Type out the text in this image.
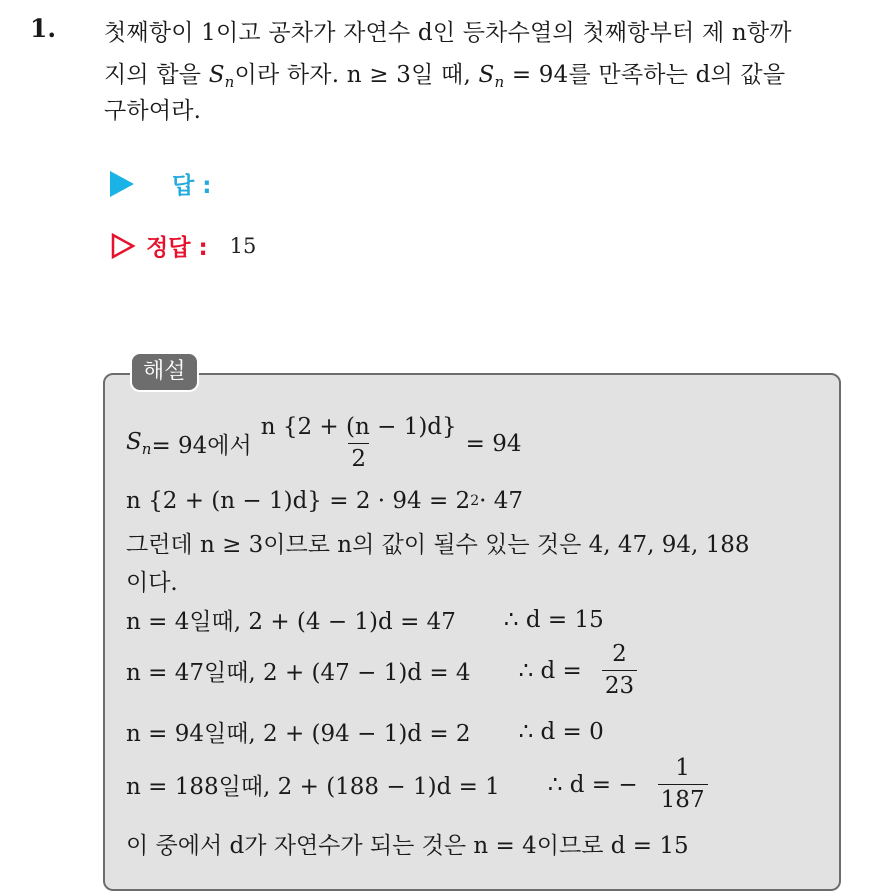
1. 첫째항이 1이고 공차가 자연수 d인 등차수열의 첫째항부터 제 n항까
지의 합을 $S_n$이라 하자. n ≥ 3일 때, $S_n = 94$를 만족하는 d의 값을
구하여라.
답 :
정답 : 15
해설
$S_n = 94$에서 $\frac{n \{2 + (n - 1)d\}}{2} = 94$
n {2 + (n − 1)d} = 2 · 94 = 2 2 · 47
그런데 n ≥ 3이므로 n의 값이 될수 있는 것은 4, 47, 94, 188
이다.
n = 4일때, 2 + (4 − 1)d = 47 ∴ d = 15
n = 47일때, 2 + (47 − 1)d = 4 ∴ $d = \frac{2}{23}$
n = 94일때, 2 + (94 − 1)d = 2 ∴ d = 0
n = 188일때, 2 + (188 − 1)d = 1 ∴ d = − $\frac{1}{187}$
이 중에서 d가 자연수가 되는 것은 n = 4이므로 d = 15
